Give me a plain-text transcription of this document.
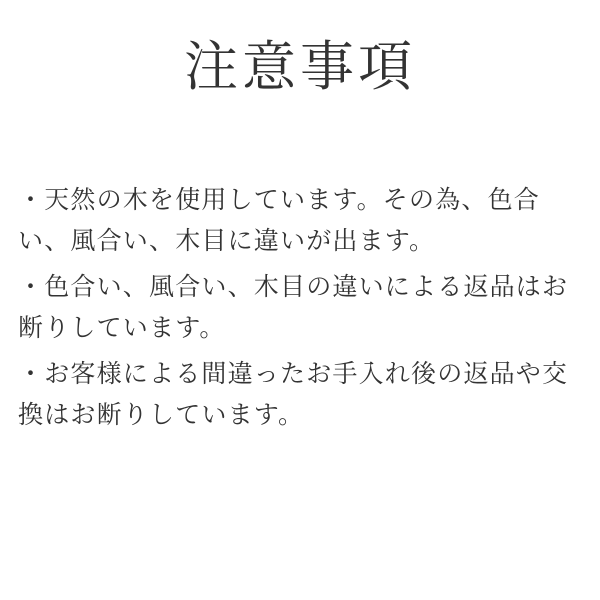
注意事項

・天然の木を使用しています。その為、色合い、風合い、木目に違いが出ます。

・色合い、風合い、木目の違いによる返品はお断りしています。

・お客様による間違ったお手入れ後の返品や交換はお断りしています。
